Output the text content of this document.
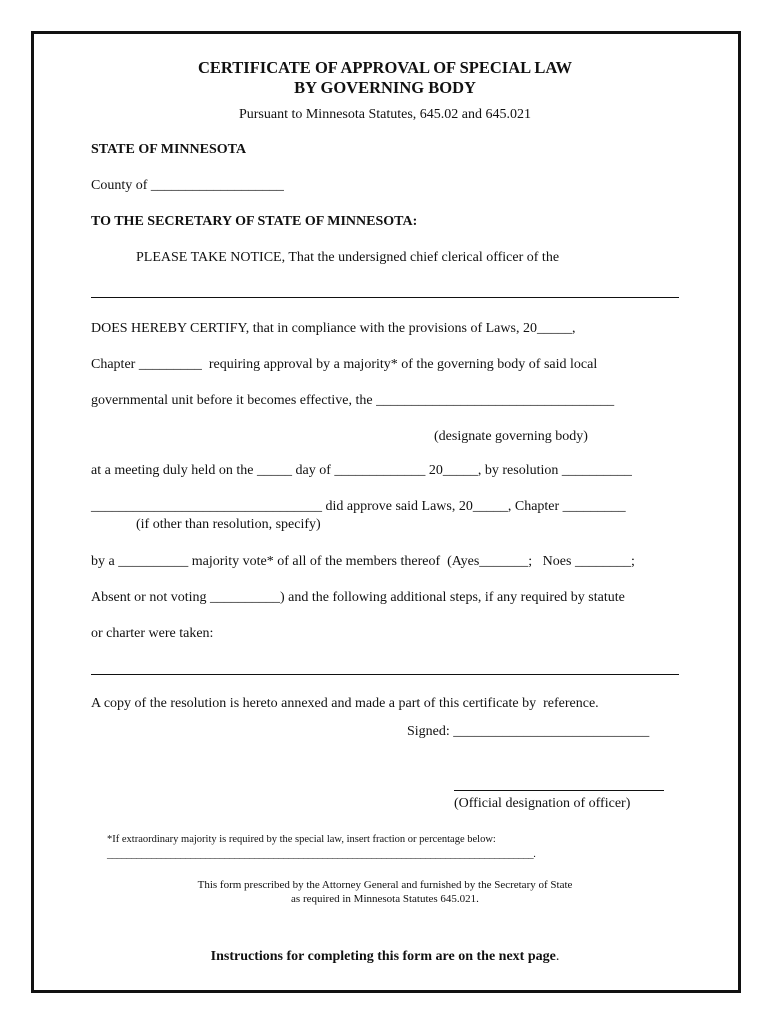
CERTIFICATE OF APPROVAL OF SPECIAL LAW
BY GOVERNING BODY
Pursuant to Minnesota Statutes, 645.02 and 645.021
STATE OF MINNESOTA
County of ___________________
TO THE SECRETARY OF STATE OF MINNESOTA:
PLEASE TAKE NOTICE, That the undersigned chief clerical officer of the
DOES HEREBY CERTIFY, that in compliance with the provisions of Laws, 20_____,
Chapter _________  requiring approval by a majority* of the governing body of said local
governmental unit before it becomes effective, the __________________________________
(designate governing body)
at a meeting duly held on the _____ day of _____________ 20_____, by resolution __________
_________________________________ did approve said Laws, 20_____, Chapter _________
(if other than resolution, specify)
by a __________ majority vote* of all of the members thereof  (Ayes_______;   Noes ________;
Absent or not voting __________) and the following additional steps, if any required by statute
or charter were taken:
A copy of the resolution is hereto annexed and made a part of this certificate by  reference.
Signed: ____________________________
(Official designation of officer)
*If extraordinary majority is required by the special law, insert fraction or percentage below:
_______________________________________________________________________________________.
This form prescribed by the Attorney General and furnished by the Secretary of State
as required in Minnesota Statutes 645.021.
Instructions for completing this form are on the next page.
